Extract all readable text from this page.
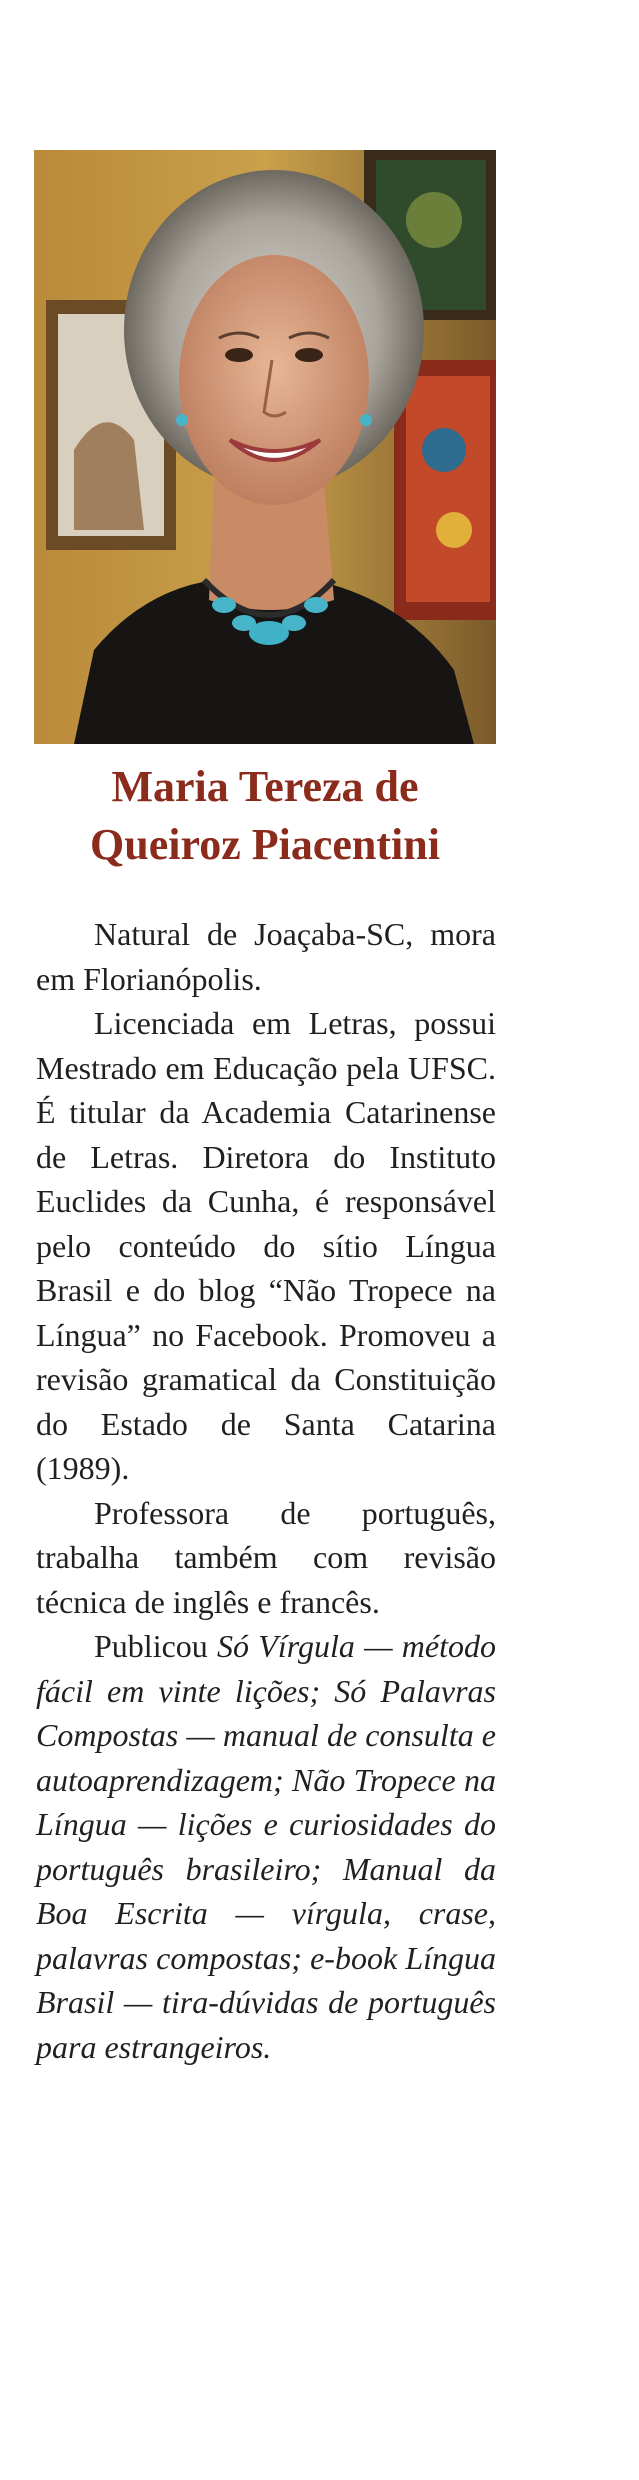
Maria Tereza de
Queiroz Piacentini

Natural de Joaçaba-SC, mora em Florianópolis.

Licenciada em Letras, possui Mestrado em Educação pela UFSC. É titular da Academia Catarinense de Letras. Diretora do Instituto Euclides da Cunha, é responsável pelo conteúdo do sítio Língua Brasil e do blog “Não Tropece na Língua” no Facebook. Promoveu a revisão gramatical da Constituição do Estado de Santa Catarina (1989).

Professora de português, trabalha também com revisão técnica de inglês e francês.

Publicou Só Vírgula — método fácil em vinte lições; Só Palavras Compostas — manual de consulta e autoaprendizagem; Não Tropece na Língua — lições e curiosidades do português brasileiro; Manual da Boa Escrita — vírgula, crase, palavras compostas; e-book Língua Brasil — tira-dúvidas de português para estrangeiros.
